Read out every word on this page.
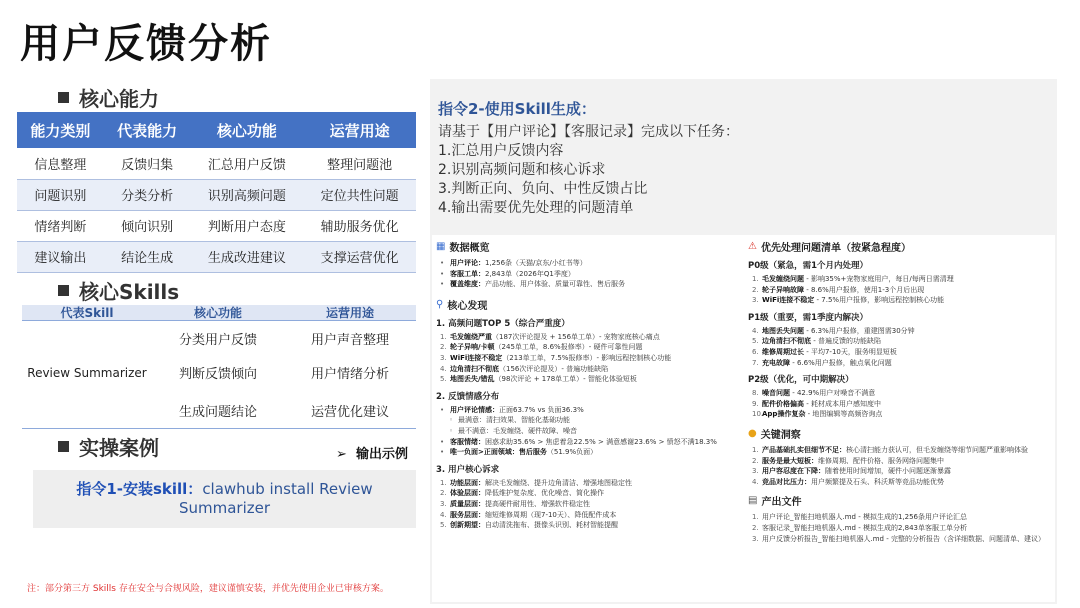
用户反馈分析
核心能力
能力类别	代表能力	核心功能	运营用途
信息整理	反馈归集	汇总用户反馈	整理问题池
问题识别	分类分析	识别高频问题	定位共性问题
情绪判断	倾向识别	判断用户态度	辅助服务优化
建议输出	结论生成	生成改进建议	支撑运营优化
核心Skills
代表Skill	核心功能	运营用途
Review Summarizer
分类用户反馈	用户声音整理
判断反馈倾向	用户情绪分析
生成问题结论	运营优化建议
实操案例	➢ 输出示例
指令1-安装skill：clawhub install Review Summarizer
注：部分第三方 Skills 存在安全与合规风险，建议谨慎安装，并优先使用企业已审核方案。
指令2-使用Skill生成：
请基于【用户评论】【客服记录】完成以下任务：
1.汇总用户反馈内容
2.识别高频问题和核心诉求
3.判断正向、负向、中性反馈占比
4.输出需要优先处理的问题清单
▦ 数据概览
• 用户评论：1,256条（天猫/京东/小红书等）
• 客服工单：2,843单（2026年Q1季度）
• 覆盖维度：产品功能、用户体验、质量可靠性、售后服务
⚲ 核心发现
1. 高频问题TOP 5（综合严重度）
1. 毛发缠绕严重（187次评论提及 + 156单工单）- 宠物家庭核心痛点
2. 轮子异响/卡顿（245单工单，8.6%报修率）- 硬件可靠性问题
3. WiFi连接不稳定（213单工单，7.5%报修率）- 影响远程控制核心功能
4. 边角清扫不彻底（156次评论提及）- 普遍功能缺陷
5. 地图丢失/错乱（98次评论 + 178单工单）- 智能化体验短板
2. 反馈情感分布
• 用户评论情感：正面63.7% vs 负面36.3%
◦ 最满意：清扫效果、智能化基础功能
◦ 最不满意：毛发缠绕、硬件故障、噪音
• 客服情绪：困惑求助35.6% > 焦虑着急22.5% > 满意感谢23.6% > 愤怒不满18.3%
• 唯一负面>正面领域：售后服务（51.9%负面）
3. 用户核心诉求
1. 功能层面：解决毛发缠绕、提升边角清洁、增强地图稳定性
2. 体验层面：降低维护复杂度、优化噪音、简化操作
3. 质量层面：提高硬件耐用性、增强软件稳定性
4. 服务层面：缩短维修周期（现7-10天）、降低配件成本
5. 创新期望：自动清洗拖布、摄像头识别、耗材智能提醒
⚠ 优先处理问题清单（按紧急程度）
P0级（紧急，需1个月内处理）
1. 毛发缠绕问题 - 影响35%+宠物家庭用户，每日/每两日需清理
2. 轮子异响故障 - 8.6%用户报修，使用1-3个月后出现
3. WiFi连接不稳定 - 7.5%用户报修，影响远程控制核心功能
P1级（重要，需1季度内解决）
4. 地图丢失问题 - 6.3%用户报修，重建图需30分钟
5. 边角清扫不彻底 - 普遍反馈的功能缺陷
6. 维修周期过长 - 平均7-10天，服务明显短板
7. 充电故障 - 6.6%用户报修，触点氧化问题
P2级（优化，可中期解决）
8. 噪音问题 - 42.9%用户对噪音不满意
9. 配件价格偏高 - 耗材成本用户感知度中
10.
App操作复杂 - 地图编辑等高频咨询点
● 关键洞察
1. 产品基础扎实但细节不足：核心清扫能力获认可，但毛发缠绕等细节问题严重影响体验
2. 服务是最大短板：维修周期、配件价格、服务网络问题集中
3. 用户容忍度在下降：随着使用时间增加，硬件小问题逐渐暴露
4. 竞品对比压力：用户频繁提及石头、科沃斯等竞品功能优势
▤ 产出文件
1. 用户评论_智能扫地机器人.md - 模拟生成的1,256条用户评论汇总
2. 客服记录_智能扫地机器人.md - 模拟生成的2,843单客服工单分析
3. 用户反馈分析报告_智能扫地机器人.md - 完整的分析报告（含详细数据、问题清单、建议）
